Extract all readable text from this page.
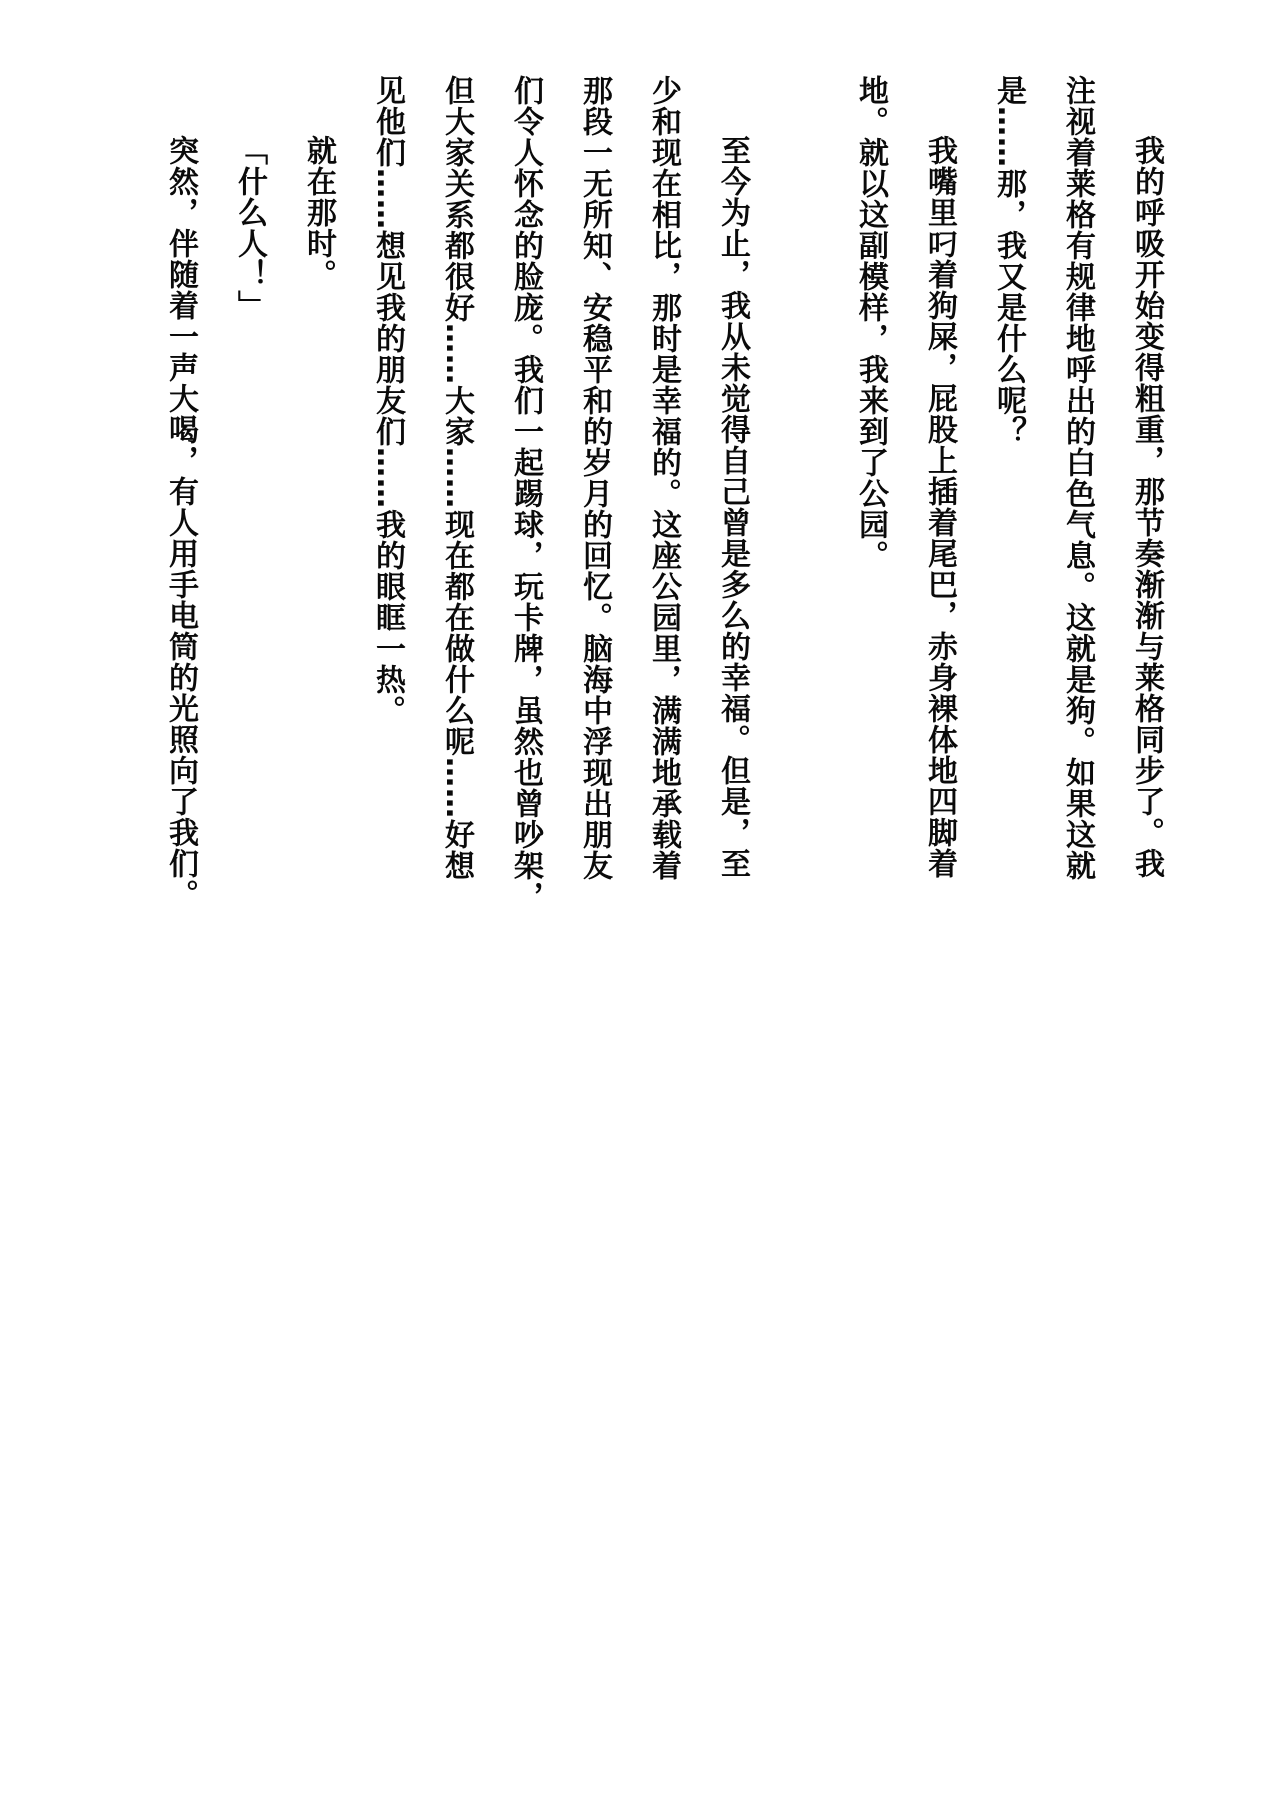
我的呼吸开始变得粗重，那节奏渐渐与莱格同步了。我
注视着莱格有规律地呼出的白色气息。这就是狗。如果这就
是……那，我又是什么呢？
我嘴里叼着狗屎，屁股上插着尾巴，赤身裸体地四脚着
地。就以这副模样，我来到了公园。

至今为止，我从未觉得自己曾是多么的幸福。但是，至
少和现在相比，那时是幸福的。这座公园里，满满地承载着
那段一无所知、安稳平和的岁月的回忆。脑海中浮现出朋友
们令人怀念的脸庞。我们一起踢球，玩卡牌，虽然也曾吵架，
但大家关系都很好……大家……现在都在做什么呢……好想
见他们……想见我的朋友们……我的眼眶一热。
就在那时。
「什么人！」
突然，伴随着一声大喝，有人用手电筒的光照向了我们。
